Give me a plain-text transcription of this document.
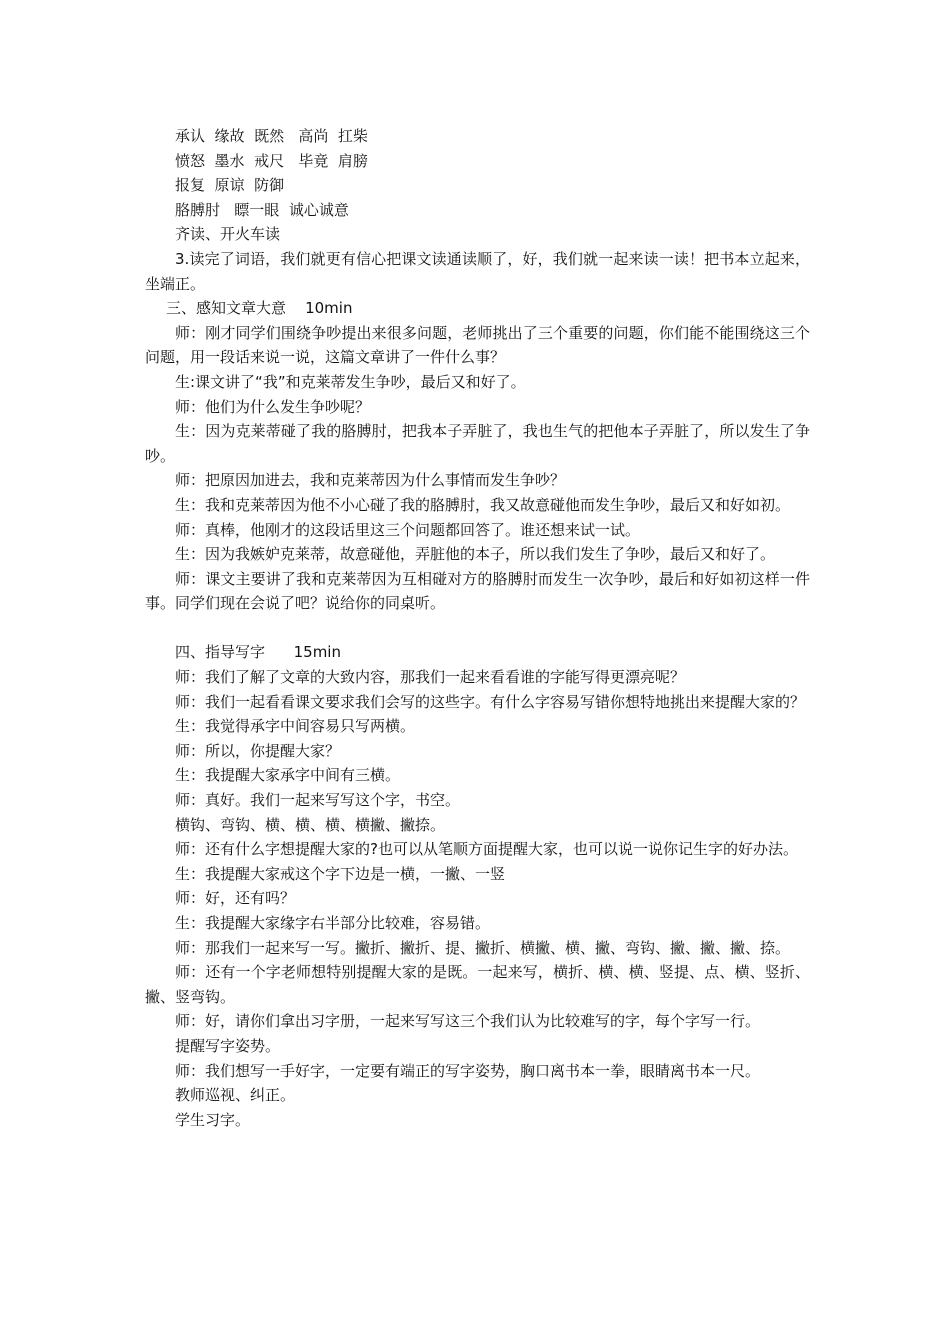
承认  缘故  既然   高尚  扛柴

愤怒  墨水  戒尺   毕竟  肩膀

报复  原谅  防御

胳膊肘   瞟一眼  诚心诚意

齐读、开火车读

3.读完了词语，我们就更有信心把课文读通读顺了，好，我们就一起来读一读！把书本立起来，坐端正。

三、感知文章大意    10min

师：刚才同学们围绕争吵提出来很多问题，老师挑出了三个重要的问题，你们能不能围绕这三个问题，用一段话来说一说，这篇文章讲了一件什么事？

生:课文讲了“我”和克莱蒂发生争吵，最后又和好了。

师：他们为什么发生争吵呢？

生：因为克莱蒂碰了我的胳膊肘，把我本子弄脏了，我也生气的把他本子弄脏了，所以发生了争吵。

师：把原因加进去，我和克莱蒂因为什么事情而发生争吵？

生：我和克莱蒂因为他不小心碰了我的胳膊肘，我又故意碰他而发生争吵，最后又和好如初。

师：真棒，他刚才的这段话里这三个问题都回答了。谁还想来试一试。

生：因为我嫉妒克莱蒂，故意碰他，弄脏他的本子，所以我们发生了争吵，最后又和好了。

师：课文主要讲了我和克莱蒂因为互相碰对方的胳膊肘而发生一次争吵，最后和好如初这样一件事。同学们现在会说了吧？说给你的同桌听。

四、指导写字      15min

师：我们了解了文章的大致内容，那我们一起来看看谁的字能写得更漂亮呢？

师：我们一起看看课文要求我们会写的这些字。有什么字容易写错你想特地挑出来提醒大家的？

生：我觉得承字中间容易只写两横。

师：所以，你提醒大家？

生：我提醒大家承字中间有三横。

师：真好。我们一起来写写这个字，书空。

横钩、弯钩、横、横、横、横撇、撇捺。

师：还有什么字想提醒大家的?也可以从笔顺方面提醒大家，也可以说一说你记生字的好办法。

生：我提醒大家戒这个字下边是一横，一撇、一竖

师：好，还有吗？

生：我提醒大家缘字右半部分比较难，容易错。

师：那我们一起来写一写。撇折、撇折、提、撇折、横撇、横、撇、弯钩、撇、撇、撇、捺。

师：还有一个字老师想特别提醒大家的是既。一起来写，横折、横、横、竖提、点、横、竖折、撇、竖弯钩。

师：好，请你们拿出习字册，一起来写写这三个我们认为比较难写的字，每个字写一行。

提醒写字姿势。

师：我们想写一手好字，一定要有端正的写字姿势，胸口离书本一拳，眼睛离书本一尺。

教师巡视、纠正。

学生习字。
